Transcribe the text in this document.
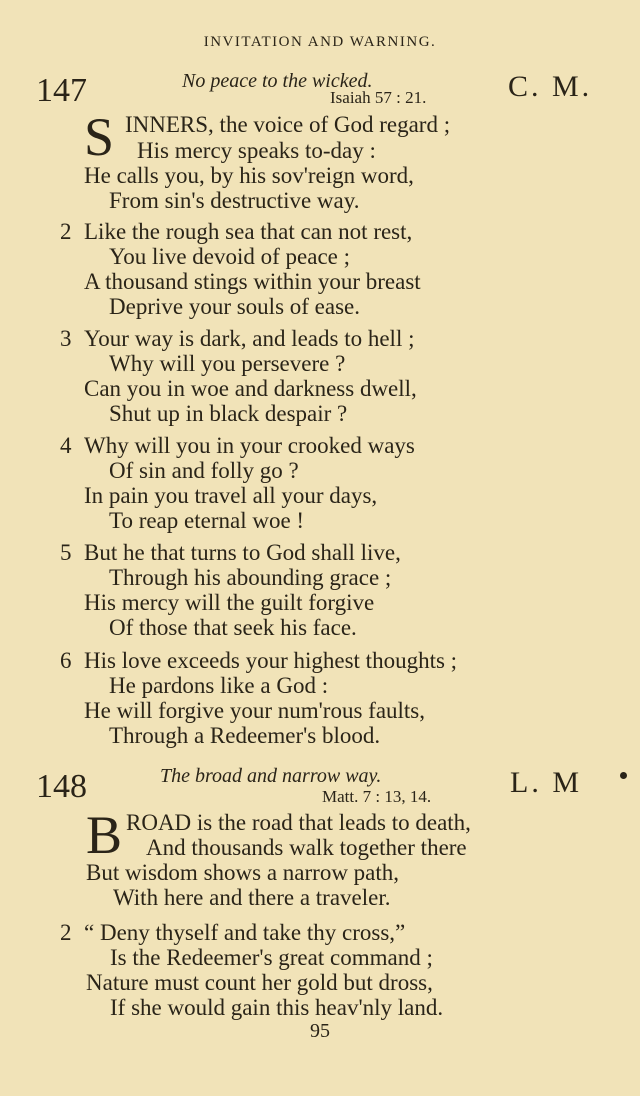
INVITATION AND WARNING.
147	No peace to the wicked.
Isaiah 57 : 21.	C. M.
S INNERS, the voice of God regard ;
His mercy speaks to-day :
He calls you, by his sov'reign word,
From sin's destructive way.
2 Like the rough sea that can not rest,
You live devoid of peace ;
A thousand stings within your breast
Deprive your souls of ease.
3 Your way is dark, and leads to hell ;
Why will you persevere ?
Can you in woe and darkness dwell,
Shut up in black despair ?
4 Why will you in your crooked ways
Of sin and folly go ?
In pain you travel all your days,
To reap eternal woe !
5 But he that turns to God shall live,
Through his abounding grace ;
His mercy will the guilt forgive
Of those that seek his face.
6 His love exceeds your highest thoughts ;
He pardons like a God :
He will forgive your num'rous faults,
Through a Redeemer's blood.
148	The broad and narrow way.
Matt. 7 : 13, 14.	L. M
B ROAD is the road that leads to death,
And thousands walk together there
But wisdom shows a narrow path,
With here and there a traveler.
2 “ Deny thyself and take thy cross,”
Is the Redeemer's great command ;
Nature must count her gold but dross,
If she would gain this heav'nly land.
95
